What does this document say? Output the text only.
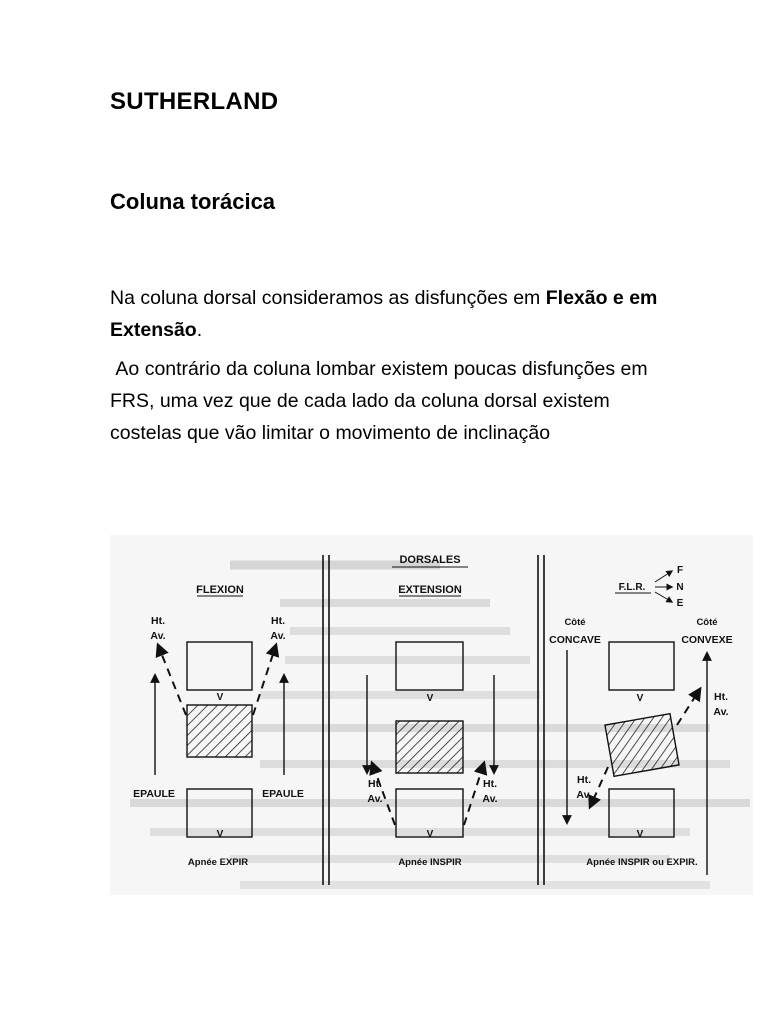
SUTHERLAND
Coluna torácica
Na coluna dorsal consideramos as disfunções em Flexão e em Extensão.
Ao contrário da coluna lombar existem poucas disfunções em FRS, uma vez que de cada lado da coluna dorsal existem costelas que vão limitar o movimento de inclinação
DORSALES
FLEXION
Ht.
Av.
Ht.
Av.
V
V
EPAULE	EPAULE
Apnée EXPIR
EXTENSION
V
V
Ht.
Av.
Ht.
Av.
Apnée INSPIR
F.L.R.
F
N
E
Côté
CONCAVE
Côté
CONVEXE
V
V
Ht.
Av.
Ht.
Av.
Apnée INSPIR ou EXPIR.
